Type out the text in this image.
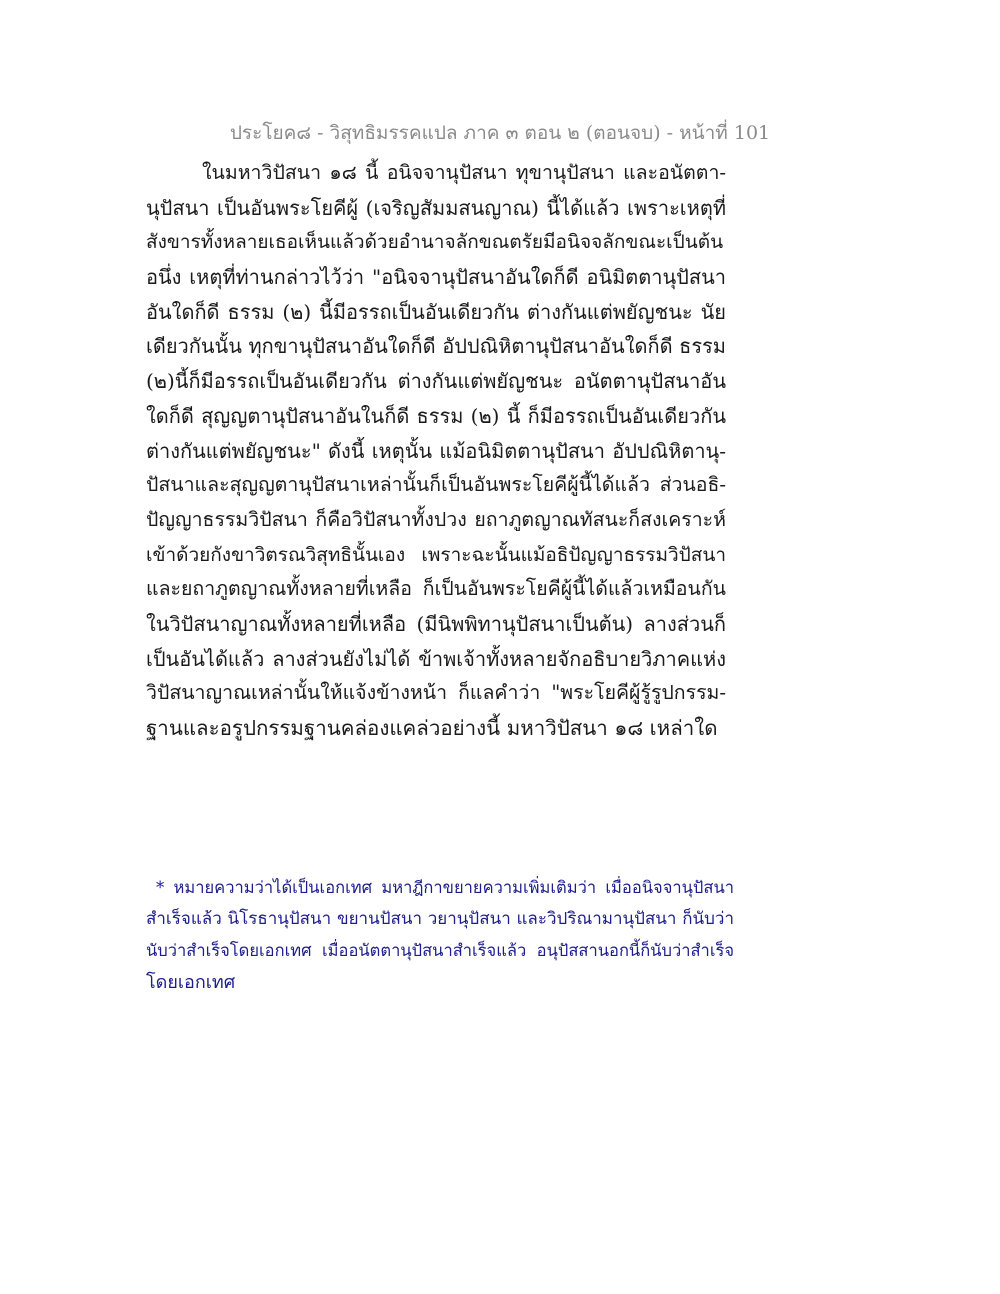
ประโยค๘ - วิสุทธิมรรคแปล ภาค ๓ ตอน ๒ (ตอนจบ) - หน้าที่ 101
ในมหาวิปัสนา ๑๘ นี้ อนิจจานุปัสนา ทุขานุปัสนา และอนัตตา-
นุปัสนา เป็นอันพระโยคีผู้ (เจริญสัมมสนญาณ) นี้ได้แล้ว เพราะเหตุที่
สังขารทั้งหลายเธอเห็นแล้วด้วยอำนาจลักขณตรัยมีอนิจจลักขณะเป็นต้น
อนึ่ง เหตุที่ท่านกล่าวไว้ว่า "อนิจจานุปัสนาอันใดก็ดี อนิมิตตานุปัสนา
อันใดก็ดี ธรรม (๒) นี้มีอรรถเป็นอันเดียวกัน ต่างกันแต่พยัญชนะ นัย
เดียวกันนั้น ทุกขานุปัสนาอันใดก็ดี อัปปณิหิตานุปัสนาอันใดก็ดี ธรรม
(๒)นี้ก็มีอรรถเป็นอันเดียวกัน ต่างกันแต่พยัญชนะ อนัตตานุปัสนาอัน
ใดก็ดี สุญญตานุปัสนาอันในก็ดี ธรรม (๒) นี้ ก็มีอรรถเป็นอันเดียวกัน
ต่างกันแต่พยัญชนะ" ดังนี้ เหตุนั้น แม้อนิมิตตานุปัสนา อัปปณิหิตานุ-
ปัสนาและสุญญตานุปัสนาเหล่านั้นก็เป็นอันพระโยคีผู้นี้ได้แล้ว ส่วนอธิ-
ปัญญาธรรมวิปัสนา ก็คือวิปัสนาทั้งปวง ยถาภูตญาณทัสนะก็สงเคราะห์
เข้าด้วยกังขาวิตรณวิสุทธินั้นเอง เพราะฉะนั้นแม้อธิปัญญาธรรมวิปัสนา
และยถาภูตญาณทั้งหลายที่เหลือ ก็เป็นอันพระโยคีผู้นี้ได้แล้วเหมือนกัน
ในวิปัสนาญาณทั้งหลายที่เหลือ (มีนิพพิทานุปัสนาเป็นต้น) ลางส่วนก็
เป็นอันได้แล้ว ลางส่วนยังไม่ได้ ข้าพเจ้าทั้งหลายจักอธิบายวิภาคแห่ง
วิปัสนาญาณเหล่านั้นให้แจ้งข้างหน้า ก็แลคำว่า "พระโยคีผู้รู้รูปกรรม-
ฐานและอรูปกรรมฐานคล่องแคล่วอย่างนี้ มหาวิปัสนา ๑๘ เหล่าใด
* หมายความว่าได้เป็นเอกเทศ มหาฎีกาขยายความเพิ่มเติมว่า เมื่ออนิจจานุปัสนา
สำเร็จแล้ว นิโรธานุปัสนา ขยานปัสนา วยานุปัสนา และวิปริณามานุปัสนา ก็นับว่า
นับว่าสำเร็จโดยเอกเทศ เมื่ออนัตตานุปัสนาสำเร็จแล้ว อนุปัสสานอกนี้ก็นับว่าสำเร็จ
โดยเอกเทศ
